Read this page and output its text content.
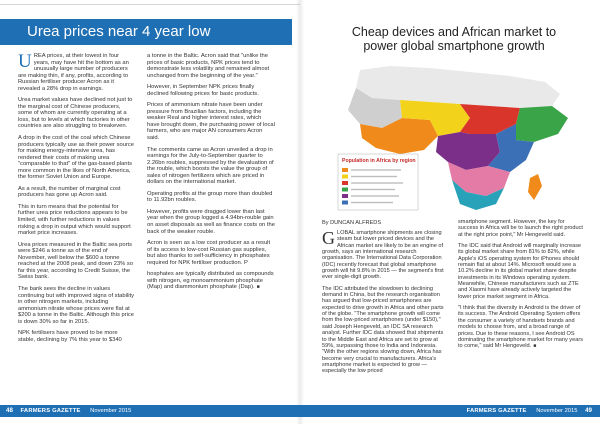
Urea prices near 4 year low

UREA prices, at their lowest in four years, may have hit the bottom as an unusually large number of producers are making thin, if any, profits, according to Russian fertiliser producer Acron as it revealed a 28% drop in earnings.

Urea market values have declined not just to the marginal cost of Chinese producers, some of whom are currently operating at a loss, but to levels at which factories in other countries are also struggling to breakeven.

A drop in the cost of the coal which Chinese producers typically use as their power source for making energy-intensive urea, has rendered their costs of making urea "comparable to that" of the gas-based plants more common in the likes of North America, the former Soviet Union and Europe.

As a result, the number of marginal cost producers has gone up Acron said.

This in turn means that the potential for further urea price reductions appears to be limited, with further reductions in values risking a drop in output which would support market price increases.

Urea prices measured in the Baltic sea ports were $246 a tonne as of the end of November, well below the $600 a tonne reached at the 2008 peak, and down 23% so far this year, according to Credit Suisse, the Swiss bank.

The bank sees the decline in values continuing but with improved signs of stability in other nitrogen markets, including ammonium nitrate whose prices were flat at $200 a tonne in the Baltic. Although this price is down 30% so far in 2015.

NPK fertilisers have proved to be more stable, declining by 7% this year to $340

a tonne in the Baltic. Acron said that "unlike the prices of basic products, NPK prices tend to demonstrate less volatility and remained almost unchanged from the beginning of the year."

However, in September NPK prices finally declined following prices for basic products.

Prices of ammonium nitrate have been under pressure from Brazilian factors, including the weaker Real and higher interest rates, which have brought down, the purchasing power of local farmers, who are major AN consumers Acron said.

The comments came as Acron unveiled a drop in earnings for the July-to-September quarter to 2.26bn roubles, suppressed by the devaluation of the rouble, which boosts the value the group of sales of nitrogen fertilizers which are priced in dollars on the international market.

Operating profits at the group more than doubled to 11.92bn roubles.

However, profits were dragged lower than last year when the group logged a 4.94bn-rouble gain on asset disposals as well as finance costs on the back of the weaker rouble.

Acron is seen as a low cost producer as a result of its access to low-cost Russian gas supplies, but also thanks to self-sufficiency in phosphates required for NPK fertiliser production. P

hosphates are typically distributed as compounds with nitrogen, eg monoammonium phosphate (Map) and diammonium phosphate (Dap). ■

Cheap devices and African market to power global smartphone growth
Population in Africa by region
By DUNCAN ALFREDS

GLOBAL smartphone shipments are closing steam but lower priced devices and the African market are likely to be an engine of growth, says an international research organisation. The International Data Corporation (IDC) recently forecast that global smartphone growth will hit 9.8% in 2015 — the segment's first ever single-digit growth.

The IDC attributed the slowdown to declining demand in China, but the research organisation has argued that low-priced smartphones are expected to drive growth in Africa and other parts of the globe. "The smartphone growth will come from the low-priced smartphones (under $150)," said Joseph Hengeveld, an IDC SA research analyst. Further IDC data showed that shipments to the Middle East and Africa are set to grow at 59%, surpassing those to India and Indonesia. "With the other regions slowing down, Africa has become very crucial to manufacturers. Africa's smartphone market is expected to grow — especially the low priced

smartphone segment. However, the key for success in Africa will be to launch the right product at the right price point," Mr Hengeveld said.

The IDC said that Android will marginally increase its global market share from 81% to 82%, while Apple's iOS operating system for iPhones should remain flat at about 14%. Microsoft would see a 10.2% decline in its global market share despite investments in its Windows operating system. Meanwhile, Chinese manufacturers such as ZTE and Xiaomi have already actively targeted the lower price market segment in Africa.

"I think that the diversity in Android is the driver of its success. The Android Operating System offers the consumer a variety of handsets brands and models to choose from, and a broad range of prices. Due to these reasons, I see Android OS dominating the smartphone market for many years to come," said Mr Hengeveld. ■

48 FARMERS GAZETTE November 2015	FARMERS GAZETTE November 2015 49
